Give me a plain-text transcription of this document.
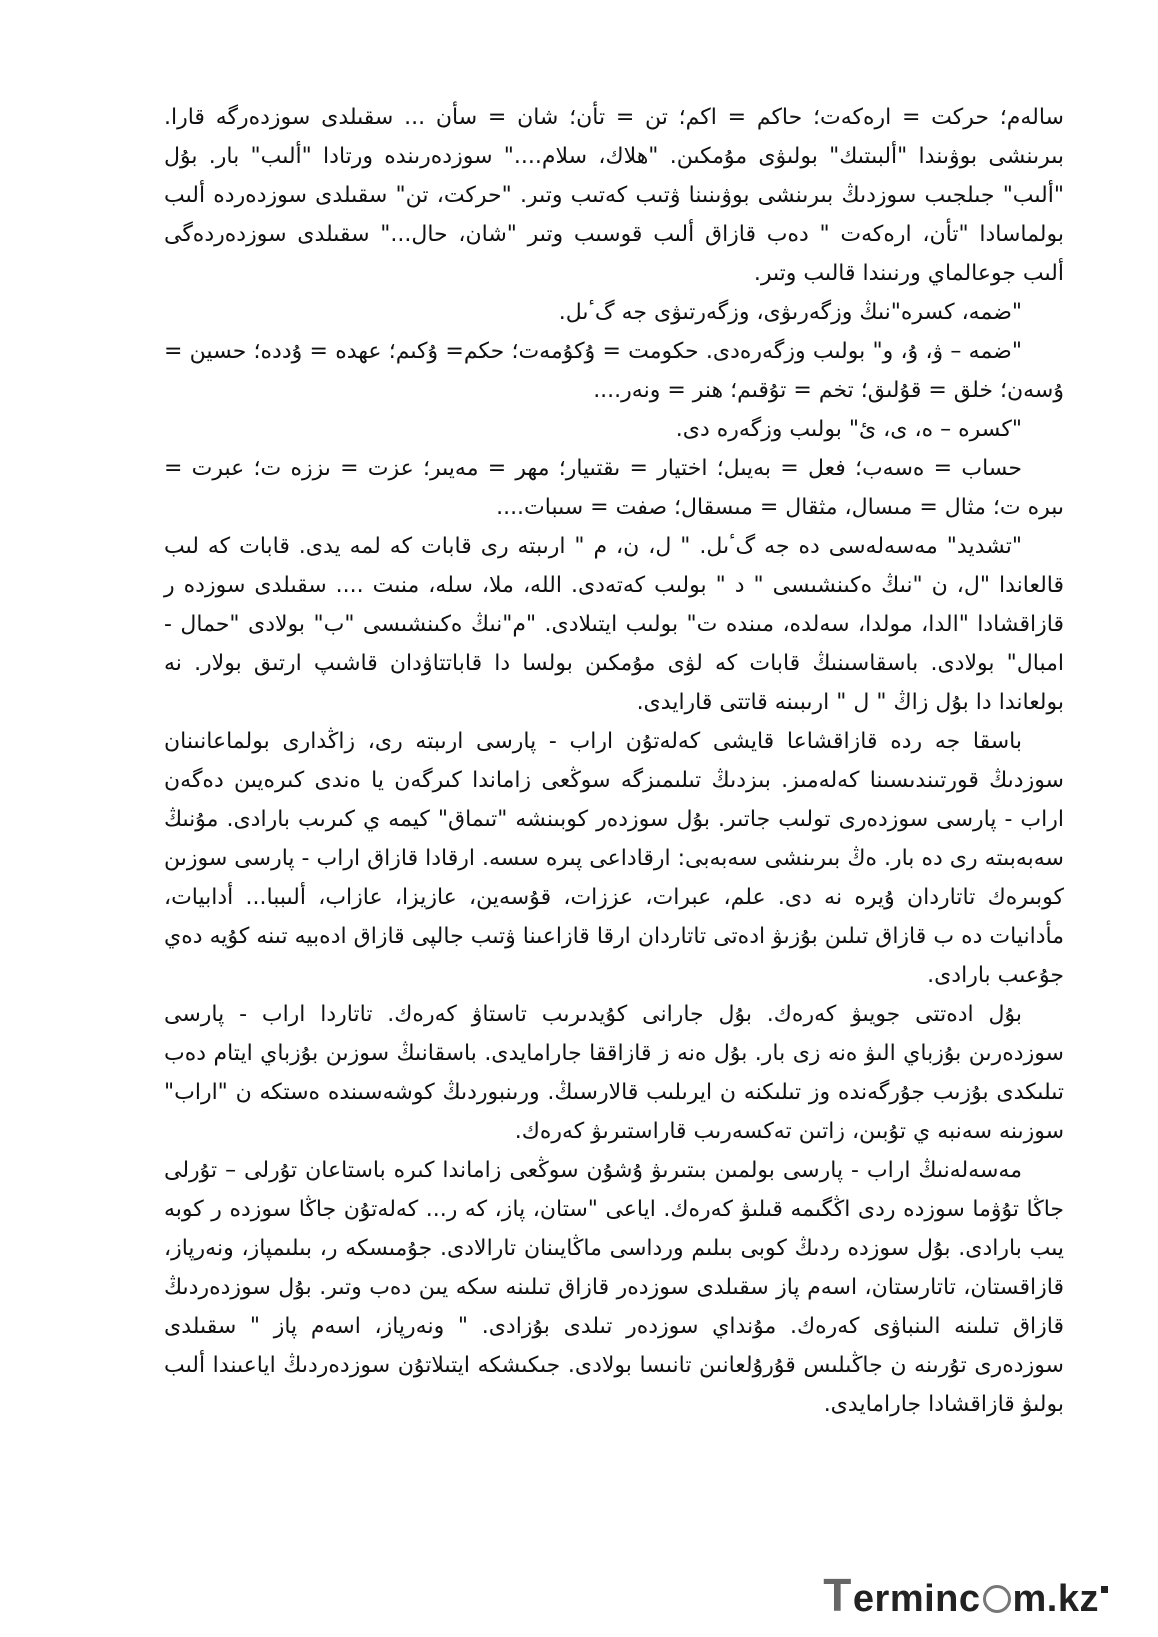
سالەم؛ حركت = ارەكەت؛ حاكم = اكم؛ تن = تأن؛ شان = سأن ... سقىلدى سوزدەرگە قارا. بىرىنشى بوۋىندا "ألبىتىك" بولىۋى مۇمكىن. "ھلاك، سلام...." سوزدەرىندە ورتادا "ألىب" بار. بۇل "ألىب" جىلجىب سوزدىڭ بىرىنشى بوۋىنىنا ۋتىب كەتىب وتىر. "حركت، تن" سقىلدى سوزدەردە ألىب بولماسادا "تأن، ارەكەت " دەب قازاق ألىب قوسىب وتىر "شان، حال..." سقىلدى سوزدەردەگى ألىب جوعالماي ورنىندا قالىب وتىر.

"ضمە، كسرە"نىڭ وزگەرىۋى، وزگەرتىۋى جە گٴىل.

"ضمە – ۋ، ۇ، و" بولىب وزگەرەدى. حكومت = ۇكۇمەت؛ حكم= ۇكىم؛ عهدە = ۇددە؛ حسين = ۇسەن؛ خلق = قۇلىق؛ تخم = تۇقىم؛ هنر = ونەر....

"كسرە – ە، ى، ئ" بولىب وزگەرە دى.

حساب = ەسەب؛ فعل = بەيىل؛ اختيار = ىقتىيار؛ مهر = مەيىر؛ عزت = ىززە ت؛ عبرت = ىبرە ت؛ مثال = مىسال، مثقال = مىسقال؛ صفت = سىبات....

"تشديد" مەسەلەسى دە جە گٴىل. " ل، ن، م " ارىبتە رى قابات كە لمە يدى. قابات كە لىب قالعاندا "ل، ن "نىڭ ەكىنشىسى " د " بولىب كەتەدى. الله، ملا، سلە، منىت .... سقىلدى سوزدە ر قازاقشادا "الدا، مولدا، سەلدە، مىندە ت" بولىب ايتىلادى. "م"نىڭ ەكىنشىسى "ب" بولادى "حمال - امبال" بولادى. باسقاسىنىڭ قابات كە لۋى مۇمكىن بولسا دا قاباتتاۋدان قاشىپ ارتىق بولار. نە بولعاندا دا بۇل زاڭ " ل " ارىبىنە قاتتى قارايدى.

باسقا جە ردە قازاقشاعا قايشى كەلەتۇن اراب - پارسى ارىبتە رى، زاڭدارى بولماعانىنان سوزدىڭ قورتىندىسىنا كەلەمىز. بىزدىڭ تىلىمىزگە سوڭعى زاماندا كىرگەن يا ەندى كىرەيىن دەگەن اراب - پارسى سوزدەرى تولىب جاتىر. بۇل سوزدەر كوبىنشە "تىماق" كيمە ي كىرىب بارادى. مۇنىڭ سەبەبىتە رى دە بار. ەڭ بىرىنشى سەبەبى: ارقاداعى پىرە سسە. ارقادا قازاق اراب - پارسى سوزىن كوبىرەك تاتاردان ۇيرە نە دى. علم، عبرات، عززات، قۇسەين، عازيزا، عازاب، ألىببا... أدابيات، مأدانيات دە ب قازاق تىلىن بۇزىۋ ادەتى تاتاردان ارقا قازاعىنا ۋتىب جالپى قازاق ادەبيە تىنە كۇيە دەي جۇعىب بارادى.

بۇل ادەتتى جويىۋ كەرەك. بۇل جارانى كۇيدىرىب تاستاۋ كەرەك. تاتاردا اراب - پارسى سوزدەرىن بۇزباي الىۋ ەنە زى بار. بۇل ەنە ز قازاققا جارامايدى. باسقانىڭ سوزىن بۇزباي ايتام دەب تىلىكدى بۇزىب جۇرگەندە وز تىلىكنە ن ايرىلىب قالارسىڭ. ورىنبوردىڭ كوشەسىندە ەستكە ن "اراب" سوزىنە سەنبە ي تۇبىن، زاتىن تەكسەرىب قاراستىرىۋ كەرەك.

مەسەلەنىڭ اراب - پارسى بولمىن بىتىرىۋ ۇشۇن سوڭعى زاماندا كىرە باستاعان تۇرلى – تۇرلى جاڭا تۇۋما سوزدە ردى اڭگىمە قىلىۋ كەرەك. اياعى "ستان، پاز، كە ر... كەلەتۇن جاڭا سوزدە ر كوبە يىب بارادى. بۇل سوزدە ردىڭ كوبى بىلىم ورداسى ماڭايىنان تارالادى. جۇمىسكە ر، بىلىمپاز، ونەرپاز، قازاقستان، تاتارستان، اسەم پاز سقىلدى سوزدەر قازاق تىلىنە سكە يىن دەب وتىر. بۇل سوزدەردىڭ قازاق تىلىنە الىنباۋى كەرەك. مۇنداي سوزدەر تىلدى بۇزادى. " ونەرپاز، اسەم پاز " سقىلدى سوزدەرى تۇرىنە ن جاڭىلىس قۇرۇلعانىن تانىسا بولادى. جىكىشكە ايتىلاتۇن سوزدەردىڭ اياعىندا ألىب بولىۋ قازاقشادا جارامايدى.

T erminc m.kz
